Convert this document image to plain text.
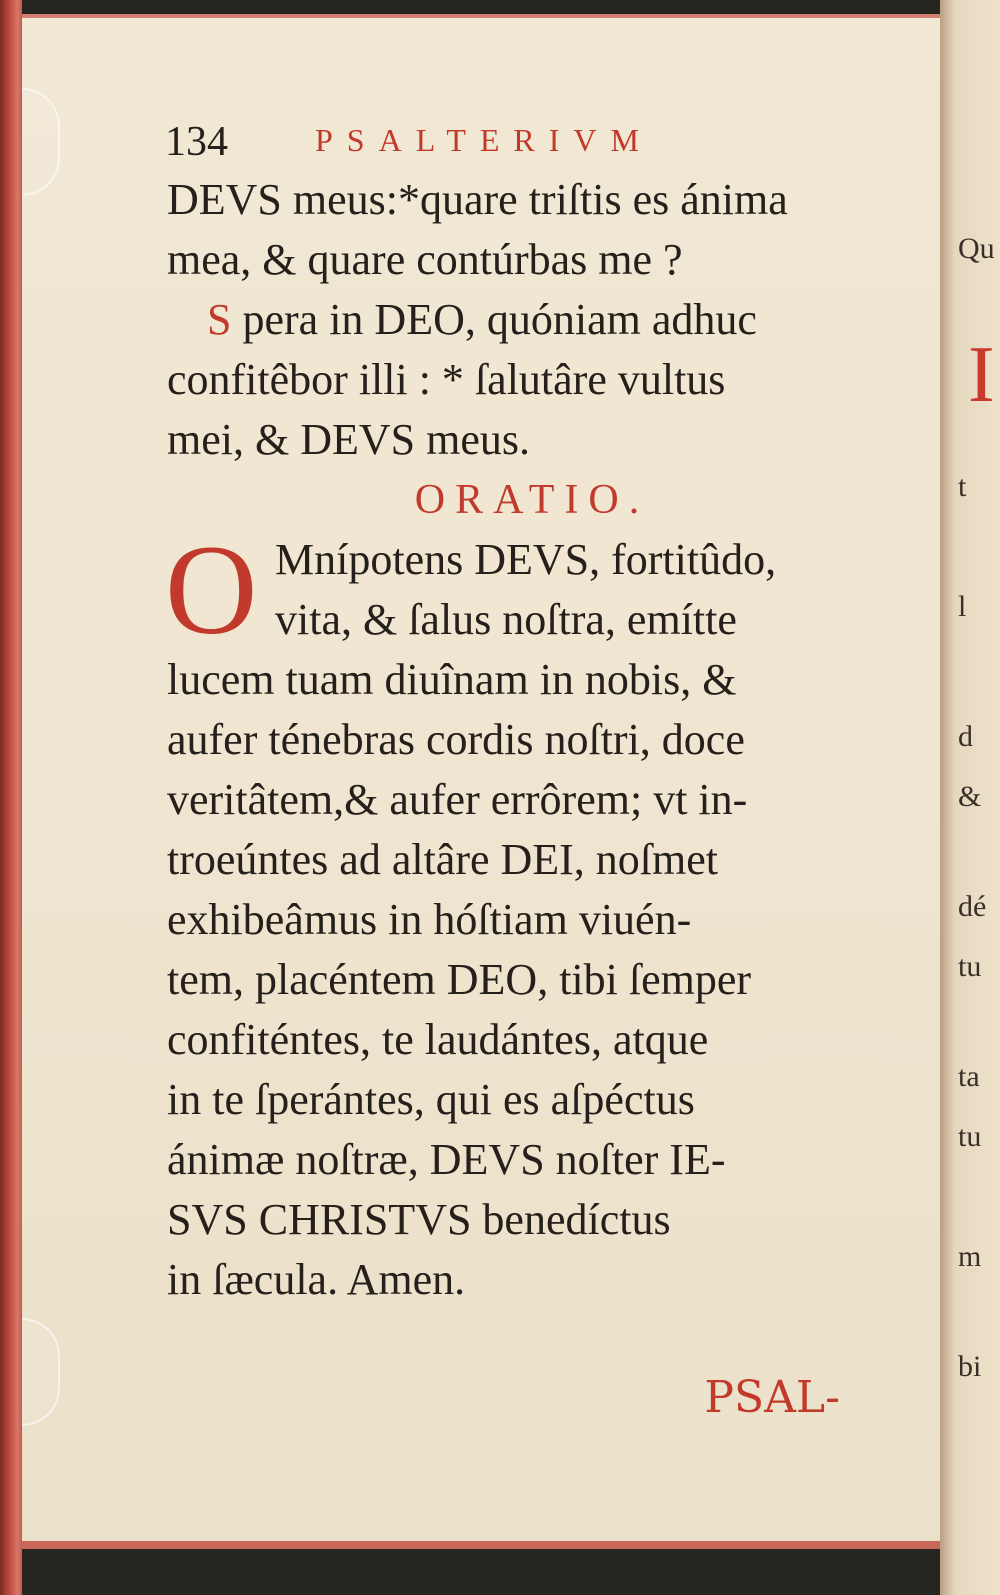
Qu
I
t
l
d
&
dé
tu
ta
tu
m
bi
134	PSALTERIVM
DEVS meus:*quare triſtis es ánima
mea, & quare contúrbas me ?
S pera in DEO, quóniam adhuc
confitêbor illi : * ſalutâre vultus
mei, & DEVS meus.
ORATIO.
O Mnípotens DEVS, fortitûdo,
vita, & ſalus noſtra, emítte
lucem tuam diuînam in nobis, &
aufer ténebras cordis noſtri, doce
veritâtem,& aufer errôrem; vt in-
troeúntes ad altâre DEI, noſmet
exhibeâmus in hóſtiam viuén-
tem, placéntem DEO, tibi ſemper
confiténtes, te laudántes, atque
in te ſperántes, qui es aſpéctus
ánimæ noſtræ, DEVS noſter IE-
SVS CHRISTVS benedíctus
in ſæcula. Amen.
PSAL-
